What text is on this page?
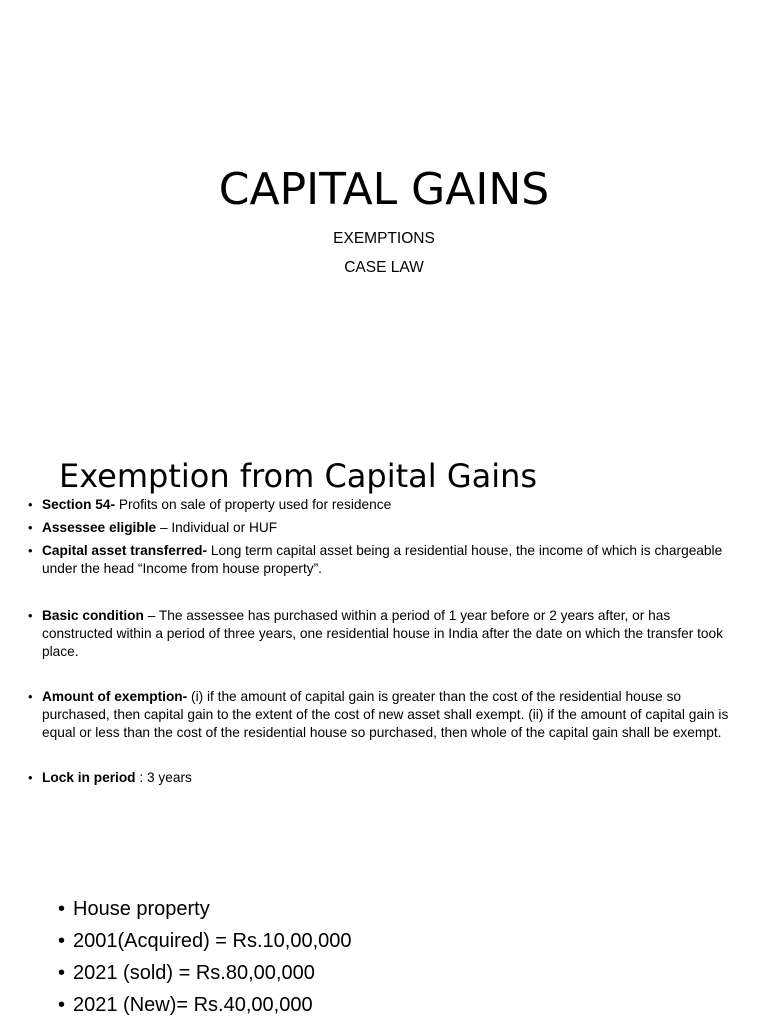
CAPITAL GAINS
EXEMPTIONS
CASE LAW
Exemption from Capital Gains
• Section 54- Profits on sale of property used for residence
• Assessee eligible – Individual or HUF
• Capital asset transferred- Long term capital asset being a residential house, the income of which is chargeable under the head “Income from house property”.
• Basic condition – The assessee has purchased within a period of 1 year before or 2 years after, or has constructed within a period of three years, one residential house in India after the date on which the transfer took place.
• Amount of exemption- (i) if the amount of capital gain is greater than the cost of the residential house so purchased, then capital gain to the extent of the cost of new asset shall exempt. (ii) if the amount of capital gain is equal or less than the cost of the residential house so purchased, then whole of the capital gain shall be exempt.
• Lock in period : 3 years
• House property
• 2001(Acquired) = Rs.10,00,000
• 2021 (sold) = Rs.80,00,000
• 2021 (New)= Rs.40,00,000
